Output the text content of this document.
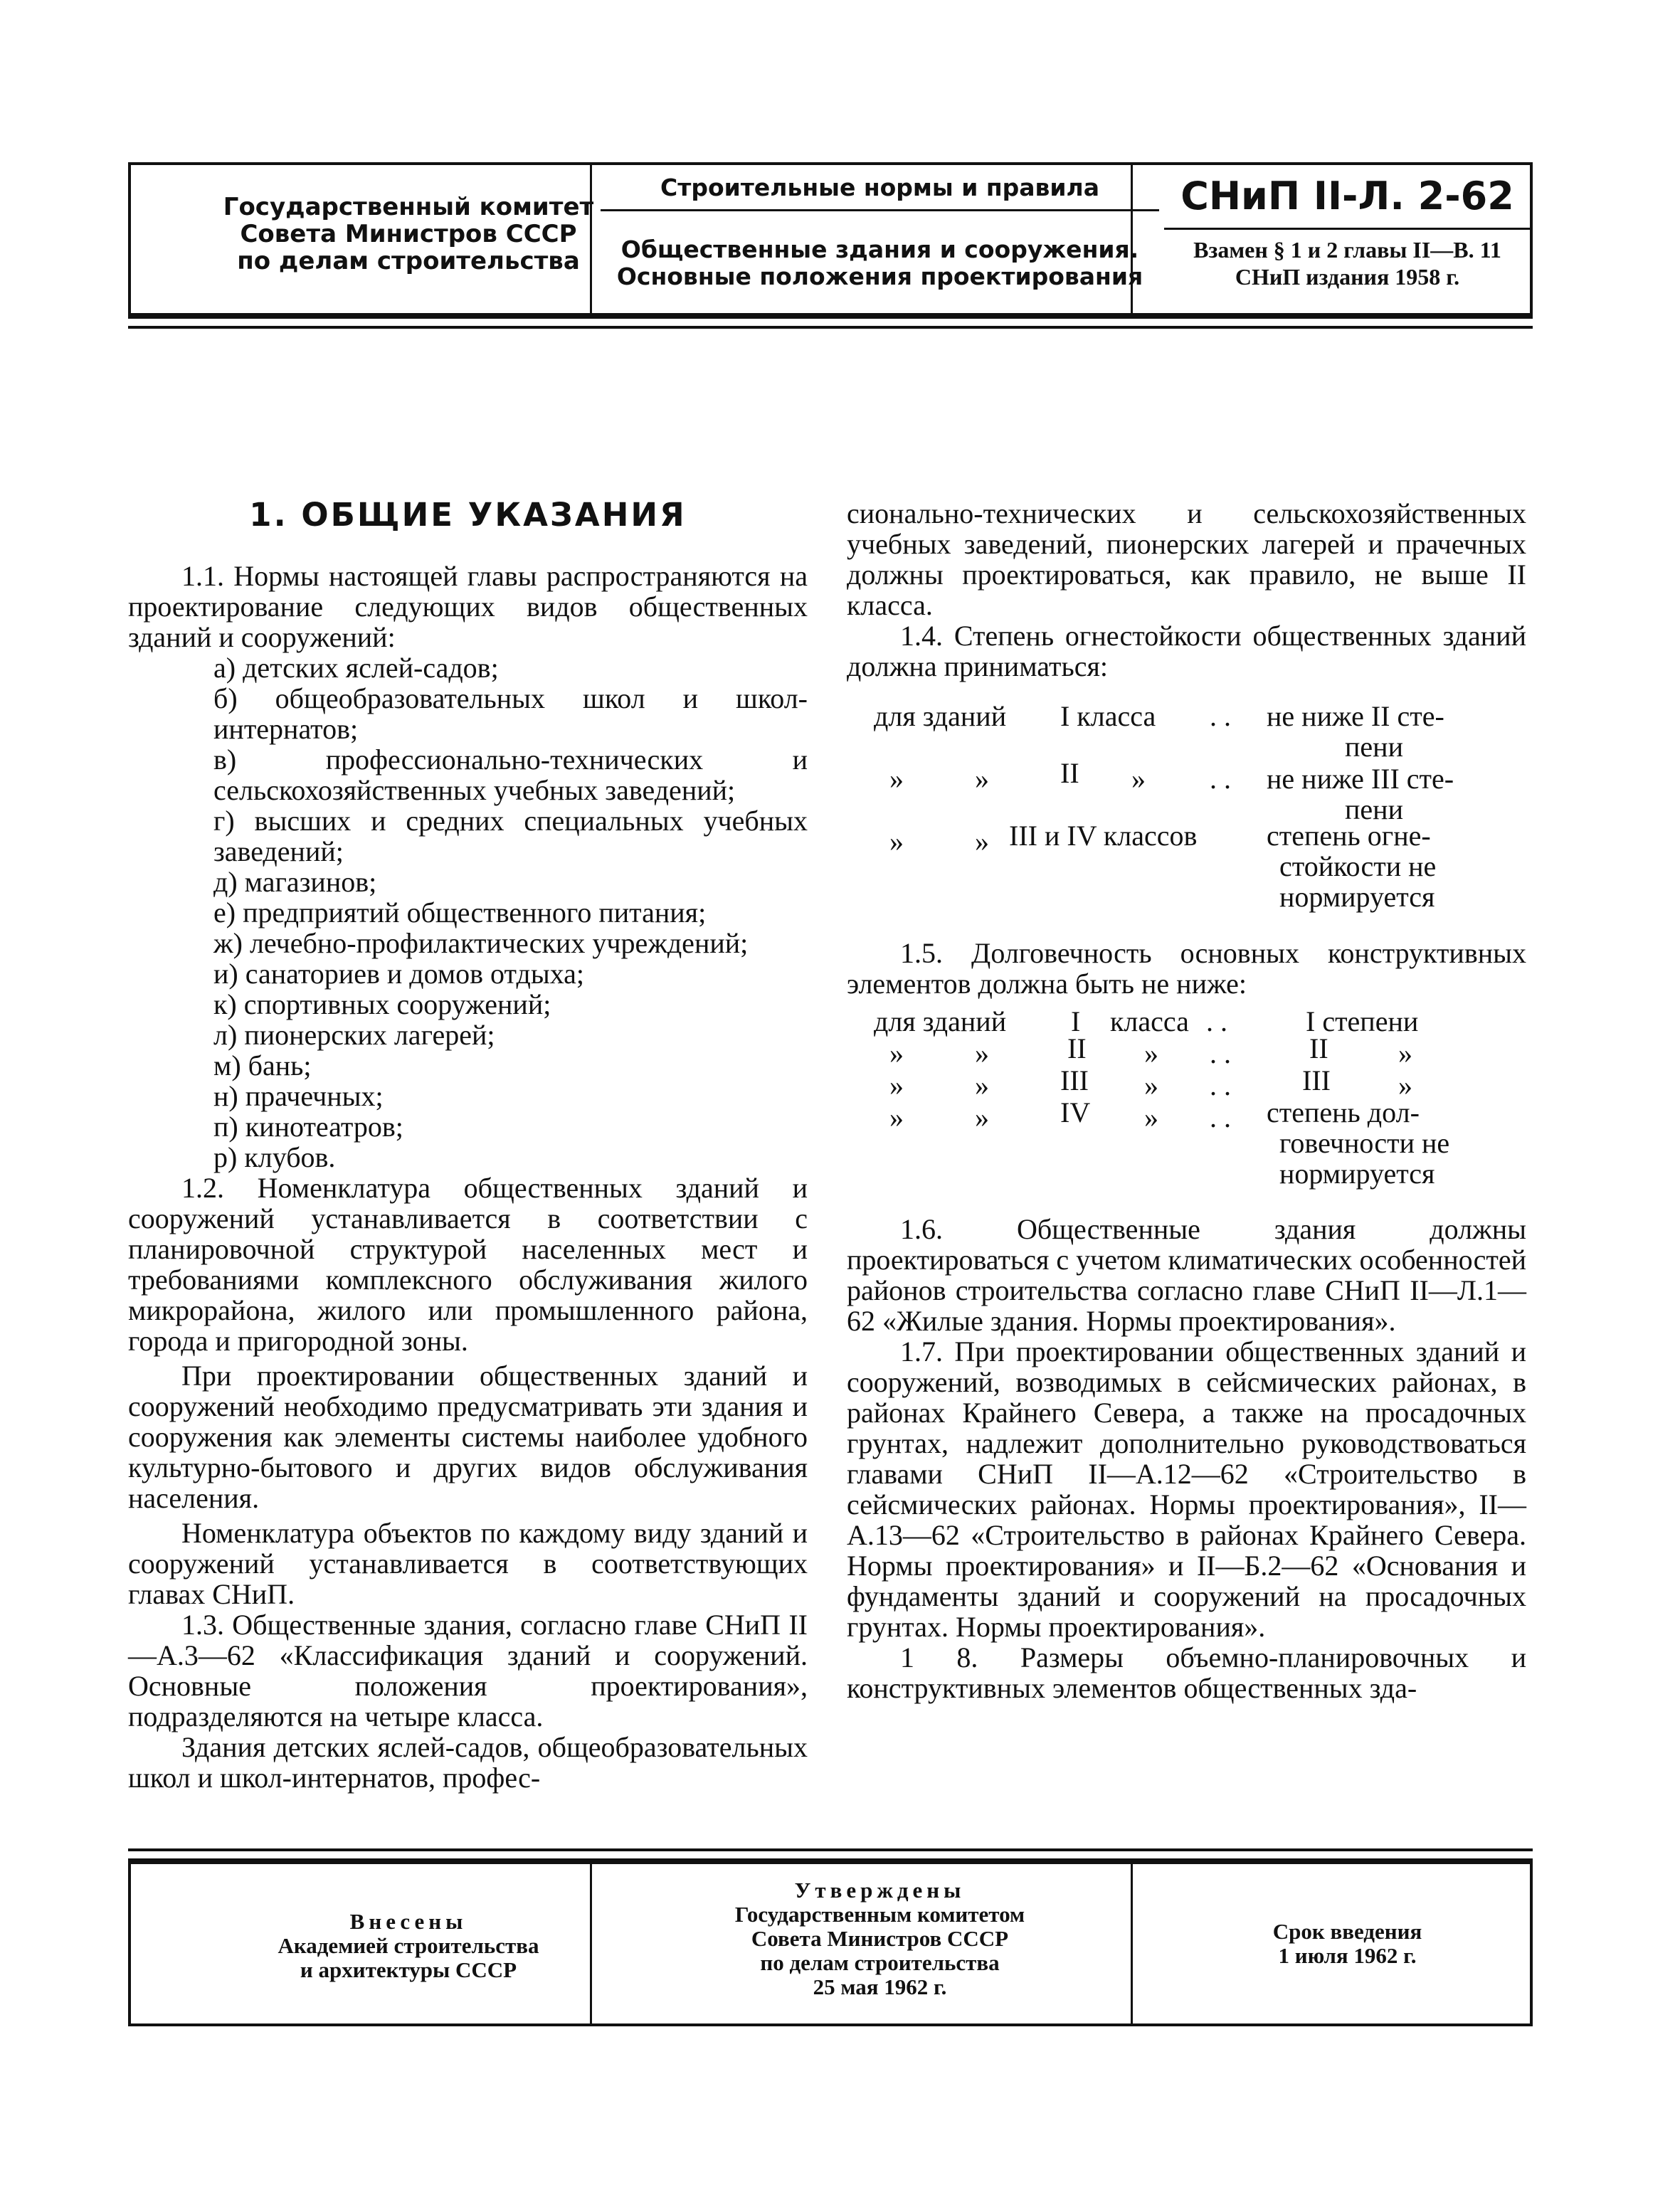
Государственный комитет
Совета Министров СССР
по делам строительства
Строительные нормы и правила
Общественные здания и сооружения.
Основные положения проектирования
СНиП II-Л. 2-62
Взамен § 1 и 2 главы II—В. 11
СНиП издания 1958 г.
1. ОБЩИЕ УКАЗАНИЯ

1.1. Нормы настоящей главы распространяются на проектирование следующих видов общественных зданий и сооружений:

а) детских яслей-садов;

б) общеобразовательных школ и школ-интернатов;

в) профессионально-технических и сельскохозяйственных учебных заведений;

г) высших и средних специальных учебных заведений;

д) магазинов;

е) предприятий общественного питания;

ж) лечебно-профилактических учреждений;

и) санаториев и домов отдыха;

к) спортивных сооружений;

л) пионерских лагерей;

м) бань;

н) прачечных;

п) кинотеатров;

р) клубов.

1.2. Номенклатура общественных зданий и сооружений устанавливается в соответствии с планировочной структурой населенных мест и требованиями комплексного обслуживания жилого микрорайона, жилого или промышленного района, города и пригородной зоны.

При проектировании общественных зданий и сооружений необходимо предусматривать эти здания и сооружения как элементы системы наиболее удобного культурно-бытового и других видов обслуживания населения.

Номенклатура объектов по каждому виду зданий и сооружений устанавливается в соответствующих главах СНиП.

1.3. Общественные здания, согласно главе СНиП II—А.3—62 «Классификация зданий и сооружений. Основные положения проектирования», подразделяются на четыре класса.

Здания детских яслей-садов, общеобразовательных школ и школ-интернатов, профес-

сионально-технических и сельскохозяйственных учебных заведений, пионерских лагерей и прачечных должны проектироваться, как правило, не выше II класса.

1.4. Степень огнестойкости общественных зданий должна приниматься:

для зданий I класса . . не ниже II сте-
пени
»	»	II » . . не ниже III сте-
пени
»	» III и IV классов степень огне-
стойкости не
нормируется

1.5. Долговечность основных конструктивных элементов должна быть не ниже:

для зданий I класса . .	I степени
»	»	II » . .	II »
»	»	III » . .	III »
»	»	IV » . . степень дол-
говечности не
нормируется

1.6. Общественные здания должны проектироваться с учетом климатических особенностей районов строительства согласно главе СНиП II—Л.1—62 «Жилые здания. Нормы проектирования».

1.7. При проектировании общественных зданий и сооружений, возводимых в сейсмических районах, в районах Крайнего Севера, а также на просадочных грунтах, надлежит дополнительно руководствоваться главами СНиП II—А.12—62 «Строительство в сейсмических районах. Нормы проектирования», II—А.13—62 «Строительство в районах Крайнего Севера. Нормы проектирования» и II—Б.2—62 «Основания и фундаменты зданий и сооружений на просадочных грунтах. Нормы проектирования».

1 8. Размеры объемно-планировочных и конструктивных элементов общественных зда-

Внесены
Академией строительства
и архитектуры СССР
Утверждены
Государственным комитетом
Совета Министров СССР
по делам строительства
25 мая 1962 г.
Срок введения
1 июля 1962 г.
